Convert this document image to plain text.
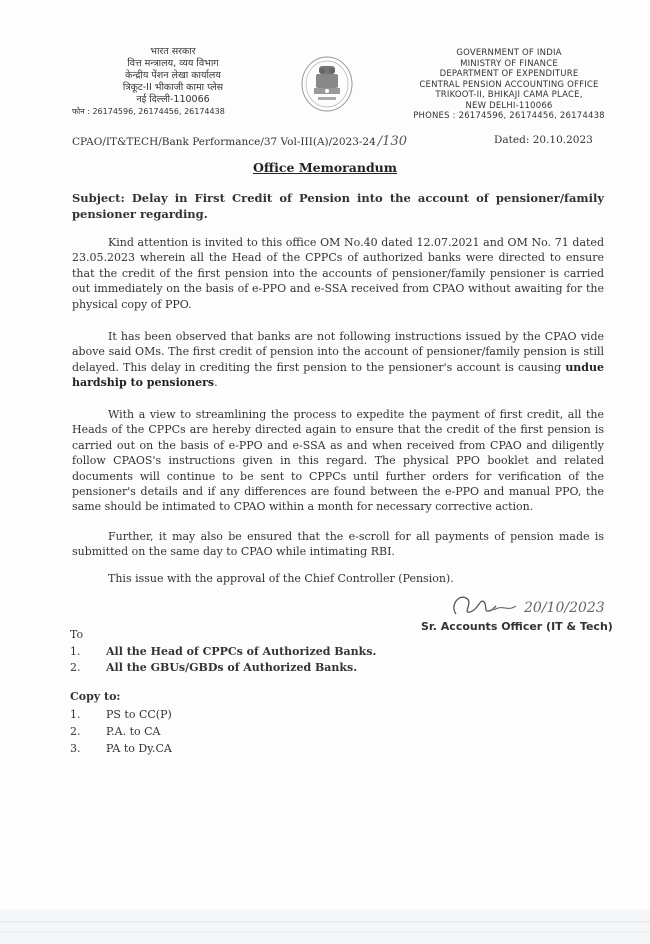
भारत सरकार
वित्त मन्त्रालय, व्यय विभाग
केन्द्रीय पेंशन लेखा कार्यालय
त्रिकूट-II भीकाजी कामा प्लेस
नई दिल्ली-110066
फोन : 26174596, 26174456, 26174438
GOVERNMENT OF INDIA
MINISTRY OF FINANCE
DEPARTMENT OF EXPENDITURE
CENTRAL PENSION ACCOUNTING OFFICE
TRIKOOT-II, BHIKAJI CAMA PLACE,
NEW DELHI-110066
PHONES : 26174596, 26174456, 26174438
CPAO/IT&TECH/Bank Performance/37 Vol-III(A)/2023-24 /130	Dated: 20.10.2023
Office Memorandum
Subject: Delay in First Credit of Pension into the account of pensioner/family pensioner regarding.
Kind attention is invited to this office OM No.40 dated 12.07.2021 and OM No. 71 dated 23.05.2023 wherein all the Head of the CPPCs of authorized banks were directed to ensure that the credit of the first pension into the accounts of pensioner/family pensioner is carried out immediately on the basis of e-PPO and e-SSA received from CPAO without awaiting for the physical copy of PPO.
It has been observed that banks are not following instructions issued by the CPAO vide above said OMs. The first credit of pension into the account of pensioner/family pension is still delayed. This delay in crediting the first pension to the pensioner's account is causing undue hardship to pensioners.
With a view to streamlining the process to expedite the payment of first credit, all the Heads of the CPPCs are hereby directed again to ensure that the credit of the first pension is carried out on the basis of e-PPO and e-SSA as and when received from CPAO and diligently follow CPAOS's instructions given in this regard. The physical PPO booklet and related documents will continue to be sent to CPPCs until further orders for verification of the pensioner's details and if any differences are found between the e-PPO and manual PPO, the same should be intimated to CPAO within a month for necessary corrective action.
Further, it may also be ensured that the e-scroll for all payments of pension made is submitted on the same day to CPAO while intimating RBI.
This issue with the approval of the Chief Controller (Pension).
20/10/2023
Sr. Accounts Officer (IT & Tech)
To
1. All the Head of CPPCs of Authorized Banks.
2. All the GBUs/GBDs of Authorized Banks.
Copy to:
1. PS to CC(P)
2. P.A. to CA
3. PA to Dy.CA
